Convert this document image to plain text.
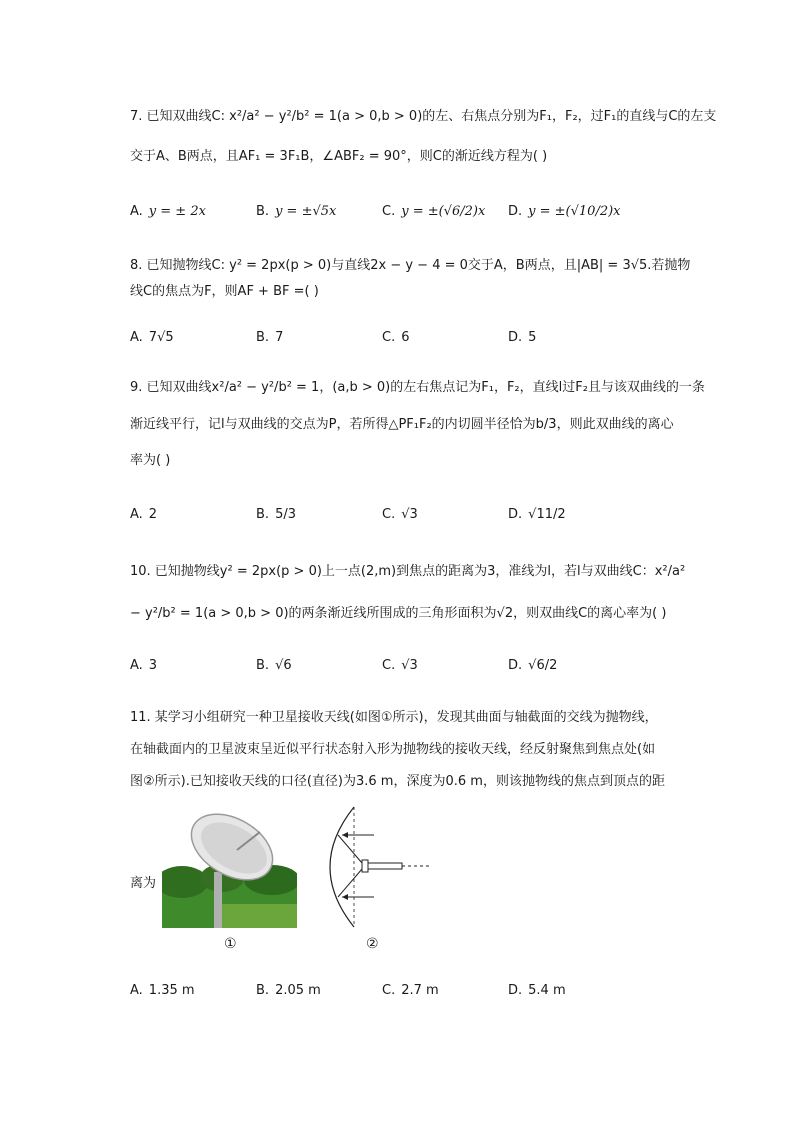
7. 已知双曲线C: x²/a² − y²/b² = 1(a > 0,b > 0)的左、右焦点分别为F₁，F₂，过F₁的直线与C的左支
交于A、B两点，且AF₁ = 3F₁B，∠ABF₂ = 90°，则C的渐近线方程为( )
A. y = ± 2x	B. y = ±√5x	C. y = ±(√6/2)x D. y = ±(√10/2)x
8. 已知抛物线C: y² = 2px(p > 0)与直线2x − y − 4 = 0交于A，B两点，且|AB| = 3√5.若抛物
线C的焦点为F，则AF + BF =( )
A. 7√5	B. 7	C. 6	D. 5
9. 已知双曲线x²/a² − y²/b² = 1，(a,b > 0)的左右焦点记为F₁，F₂，直线l过F₂且与该双曲线的一条
渐近线平行，记l与双曲线的交点为P，若所得△PF₁F₂的内切圆半径恰为b/3，则此双曲线的离心
率为( )
A. 2	B. 5/3	C. √3	D. √11/2
10. 已知抛物线y² = 2px(p > 0)上一点(2,m)到焦点的距离为3，准线为l，若l与双曲线C：x²/a²
− y²/b² = 1(a > 0,b > 0)的两条渐近线所围成的三角形面积为√2，则双曲线C的离心率为( )
A. 3	B. √6	C. √3	D. √6/2
11. 某学习小组研究一种卫星接收天线(如图①所示)，发现其曲面与轴截面的交线为抛物线，
在轴截面内的卫星波束呈近似平行状态射入形为抛物线的接收天线，经反射聚焦到焦点处(如
图②所示).已知接收天线的口径(直径)为3.6 m，深度为0.6 m，则该抛物线的焦点到顶点的距
离为
①	②
A. 1.35 m	B. 2.05 m	C. 2.7 m	D. 5.4 m
